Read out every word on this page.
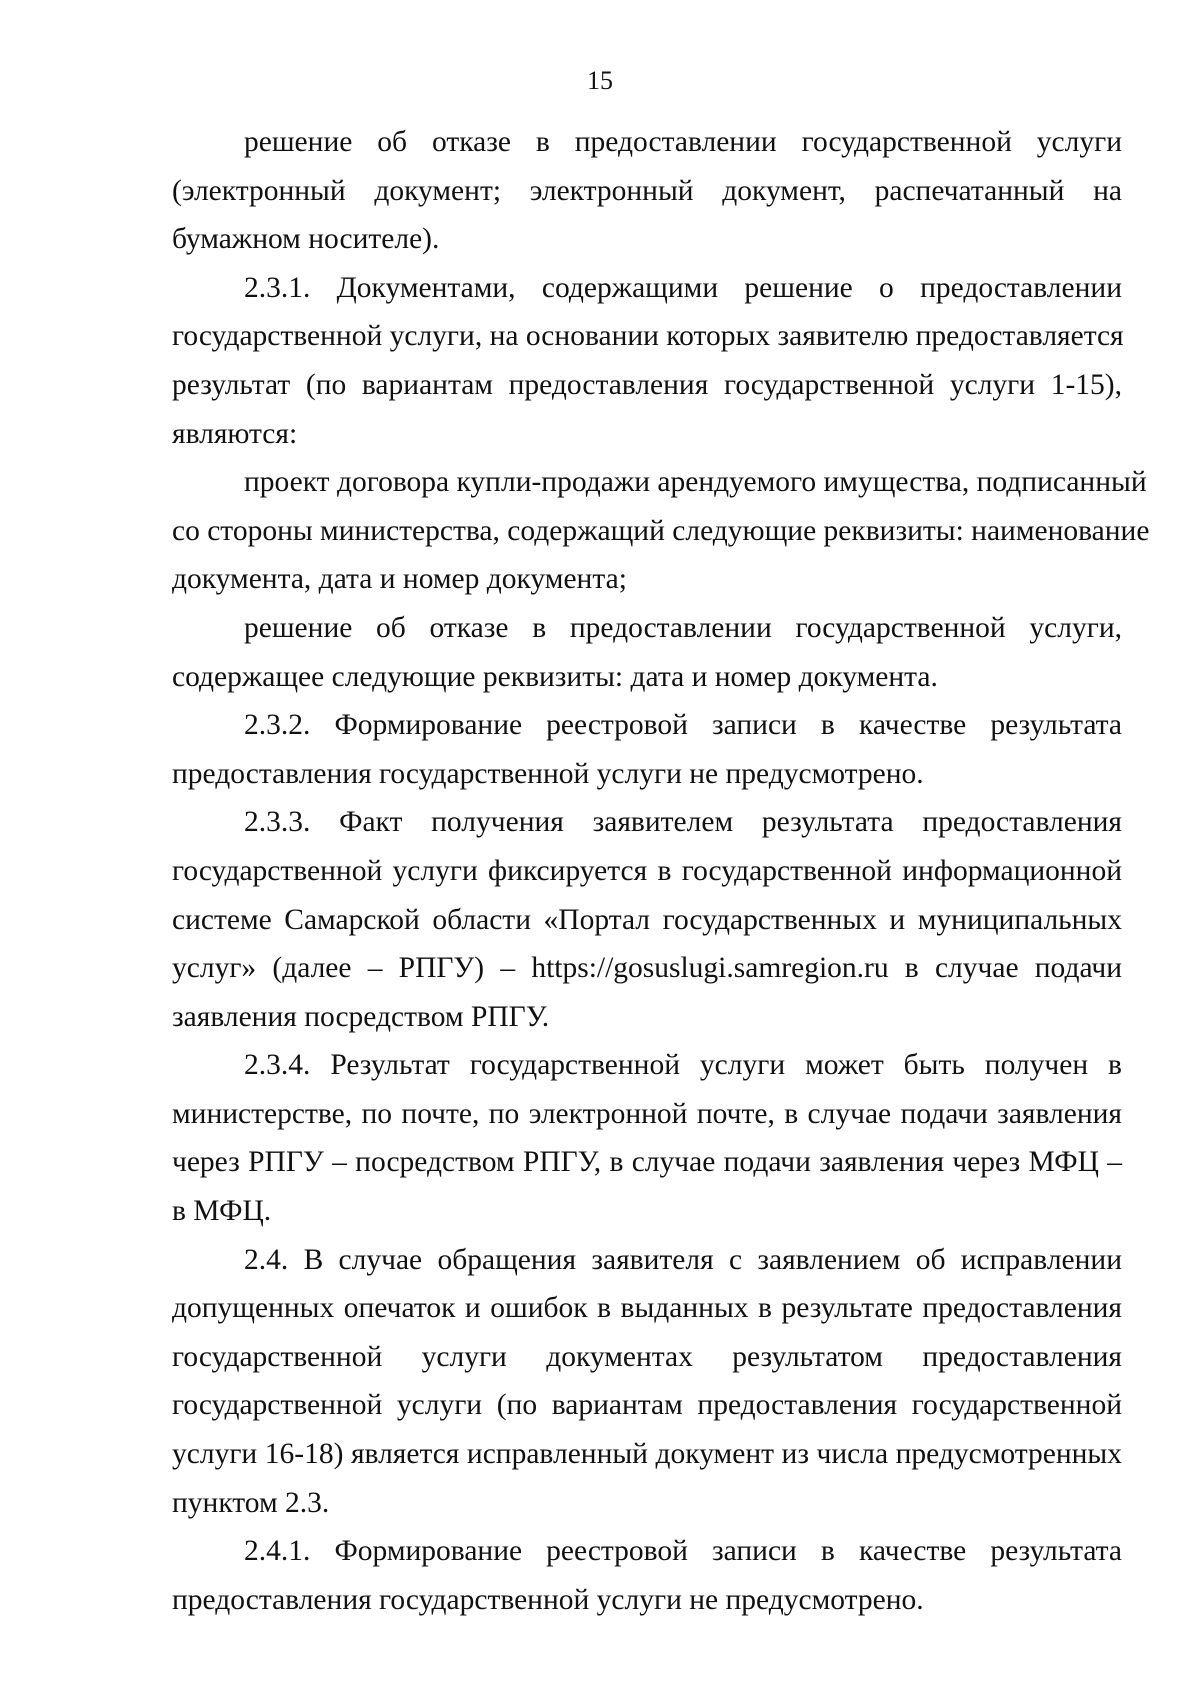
15
решение об отказе в предоставлении государственной услуги
(электронный документ; электронный документ, распечатанный на
бумажном носителе).
2.3.1. Документами, содержащими решение о предоставлении
государственной услуги, на основании которых заявителю предоставляется
результат (по вариантам предоставления государственной услуги 1-15),
являются:
проект договора купли-продажи арендуемого имущества, подписанный
со стороны министерства, содержащий следующие реквизиты: наименование
документа, дата и номер документа;
решение об отказе в предоставлении государственной услуги,
содержащее следующие реквизиты: дата и номер документа.
2.3.2. Формирование реестровой записи в качестве результата
предоставления государственной услуги не предусмотрено.
2.3.3. Факт получения заявителем результата предоставления
государственной услуги фиксируется в государственной информационной
системе Самарской области «Портал государственных и муниципальных
услуг» (далее – РПГУ) – https://gosuslugi.samregion.ru в случае подачи
заявления посредством РПГУ.
2.3.4. Результат государственной услуги может быть получен в
министерстве, по почте, по электронной почте, в случае подачи заявления
через РПГУ – посредством РПГУ, в случае подачи заявления через МФЦ –
в МФЦ.
2.4. В случае обращения заявителя с заявлением об исправлении
допущенных опечаток и ошибок в выданных в результате предоставления
государственной услуги документах результатом предоставления
государственной услуги (по вариантам предоставления государственной
услуги 16-18) является исправленный документ из числа предусмотренных
пунктом 2.3.
2.4.1. Формирование реестровой записи в качестве результата
предоставления государственной услуги не предусмотрено.
